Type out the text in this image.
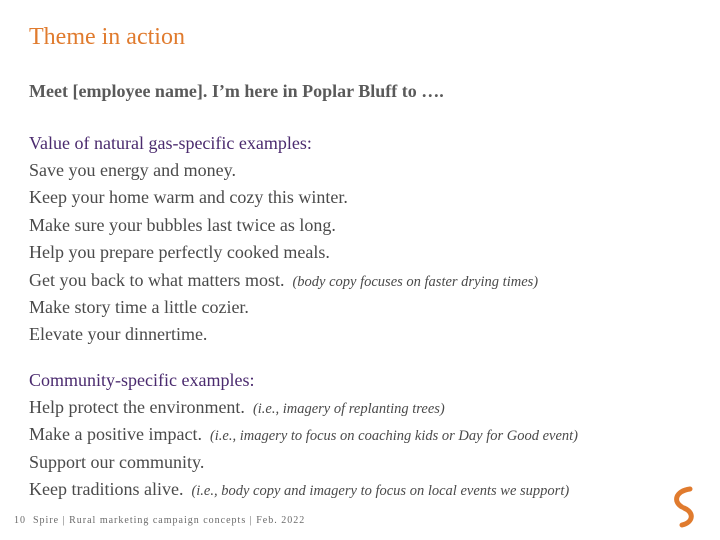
Theme in action
Meet [employee name]. I’m here in Poplar Bluff to ….
Value of natural gas-specific examples:
Save you energy and money.
Keep your home warm and cozy this winter.
Make sure your bubbles last twice as long.
Help you prepare perfectly cooked meals.
Get you back to what matters most. (body copy focuses on faster drying times)
Make story time a little cozier.
Elevate your dinnertime.
Community-specific examples:
Help protect the environment. (i.e., imagery of replanting trees)
Make a positive impact. (i.e., imagery to focus on coaching kids or Day for Good event)
Support our community.
Keep traditions alive. (i.e., body copy and imagery to focus on local events we support)
10 Spire | Rural marketing campaign concepts | Feb. 2022
